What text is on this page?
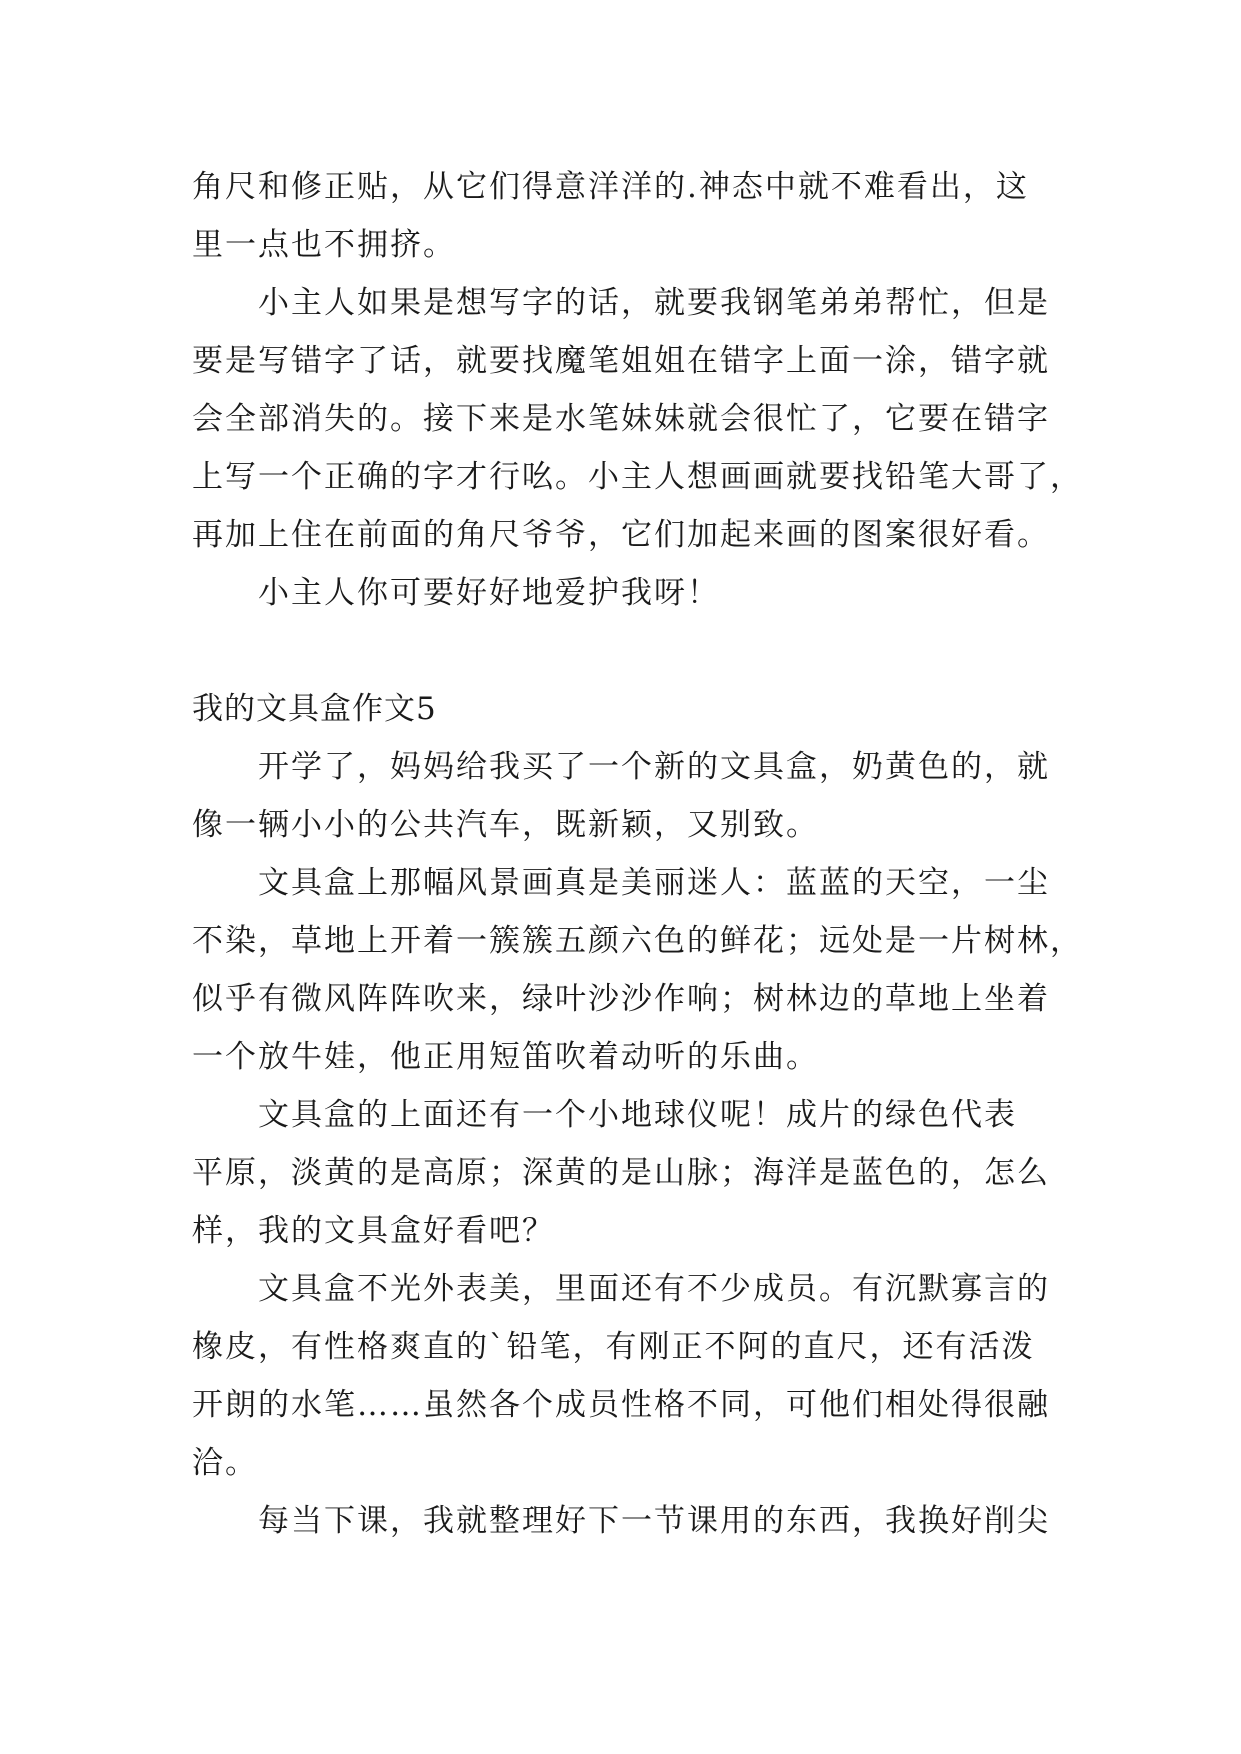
角尺和修正贴，从它们得意洋洋的.神态中就不难看出，这
里一点也不拥挤。
小主人如果是想写字的话，就要我钢笔弟弟帮忙，但是
要是写错字了话，就要找魔笔姐姐在错字上面一涂，错字就
会全部消失的。接下来是水笔妹妹就会很忙了，它要在错字
上写一个正确的字才行吆。小主人想画画就要找铅笔大哥了，
再加上住在前面的角尺爷爷，它们加起来画的图案很好看。
小主人你可要好好地爱护我呀！
我的文具盒作文5
开学了，妈妈给我买了一个新的文具盒，奶黄色的，就
像一辆小小的公共汽车，既新颖，又别致。
文具盒上那幅风景画真是美丽迷人：蓝蓝的天空，一尘
不染，草地上开着一簇簇五颜六色的鲜花；远处是一片树林，
似乎有微风阵阵吹来，绿叶沙沙作响；树林边的草地上坐着
一个放牛娃，他正用短笛吹着动听的乐曲。
文具盒的上面还有一个小地球仪呢！成片的绿色代表
平原，淡黄的是高原；深黄的是山脉；海洋是蓝色的，怎么
样，我的文具盒好看吧？
文具盒不光外表美，里面还有不少成员。有沉默寡言的
橡皮，有性格爽直的`铅笔，有刚正不阿的直尺，还有活泼
开朗的水笔……虽然各个成员性格不同，可他们相处得很融
洽。
每当下课，我就整理好下一节课用的东西，我换好削尖
